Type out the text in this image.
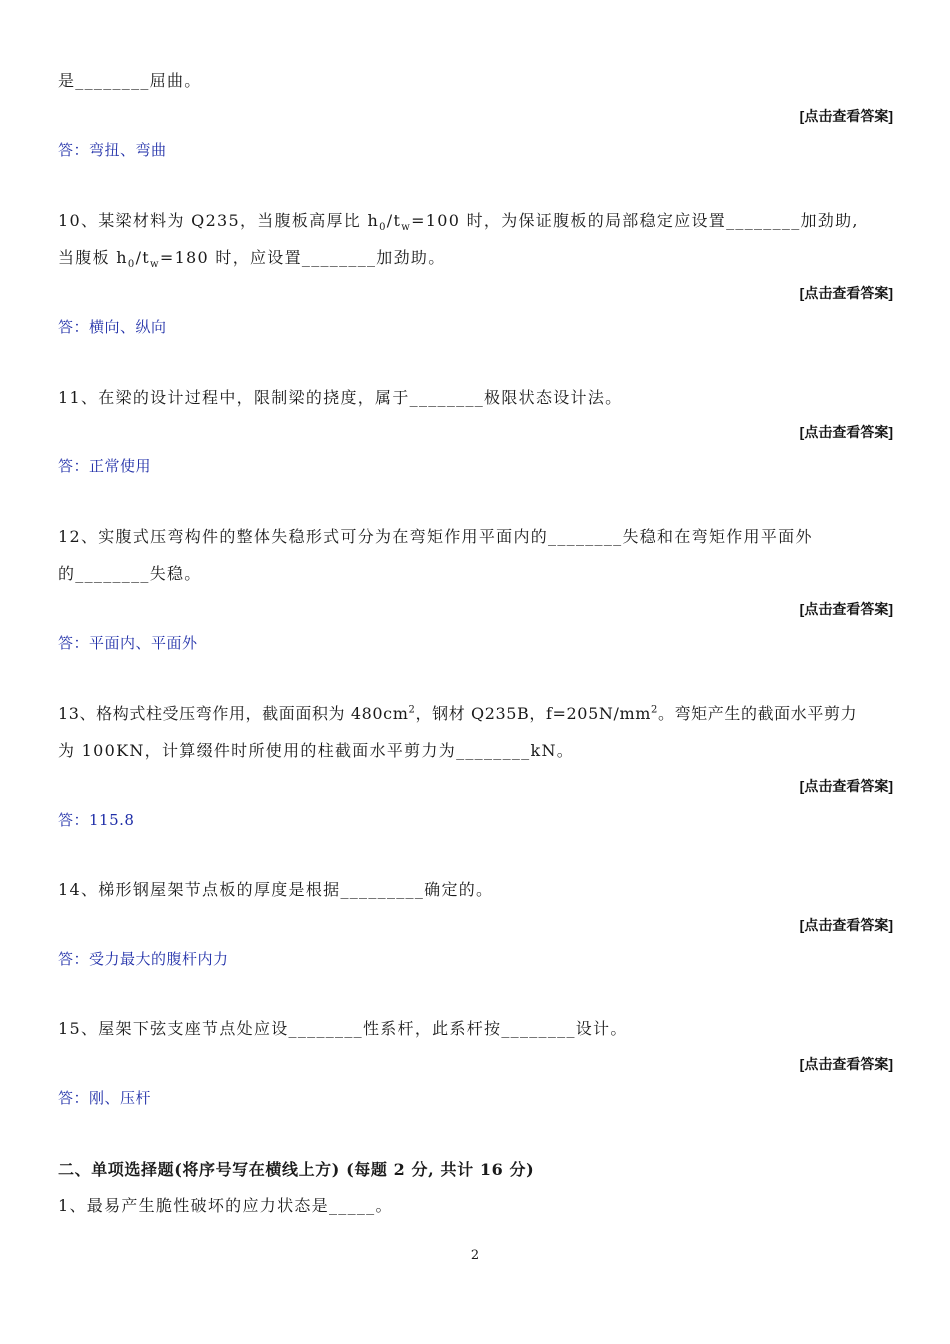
是________屈曲。
[点击查看答案]
答：弯扭、弯曲
10、某梁材料为 Q235，当腹板高厚比 $h_0/t_w=100$ 时，为保证腹板的局部稳定应设置________加劲助,
当腹板 $h_0/t_w=180$ 时，应设置________加劲助。
[点击查看答案]
答：横向、纵向
11、在梁的设计过程中，限制梁的挠度，属于________极限状态设计法。
[点击查看答案]
答：正常使用
12、实腹式压弯构件的整体失稳形式可分为在弯矩作用平面内的________失稳和在弯矩作用平面外
的________失稳。
[点击查看答案]
答：平面内、平面外
13、格构式柱受压弯作用，截面面积为 $480cm^2$，钢材 Q235B，$f=205N/mm^2$。弯矩产生的截面水平剪力
为 100KN，计算缀件时所使用的柱截面水平剪力为________kN。
[点击查看答案]
答：115.8
14、梯形钢屋架节点板的厚度是根据_________确定的。
[点击查看答案]
答：受力最大的腹杆内力
15、屋架下弦支座节点处应设________性系杆，此系杆按________设计。
[点击查看答案]
答：刚、压杆
二、单项选择题(将序号写在横线上方) (每题 2 分, 共计 16 分)
1、最易产生脆性破坏的应力状态是_____。
2
